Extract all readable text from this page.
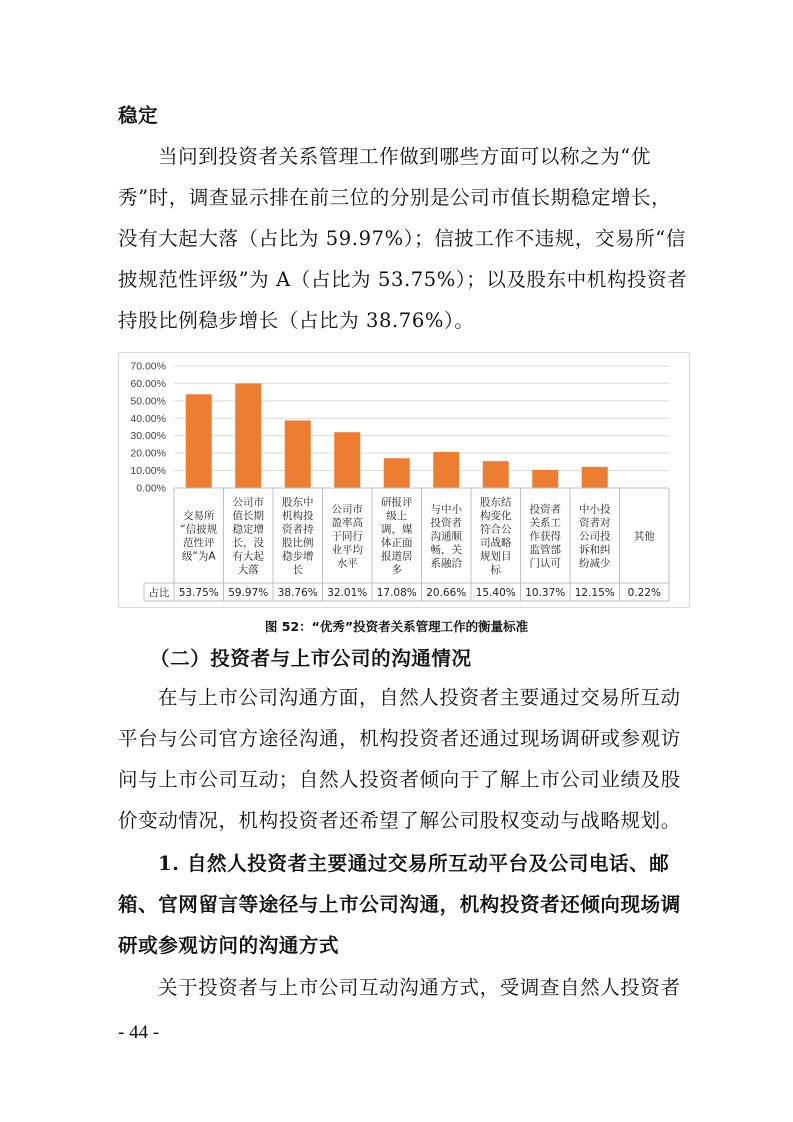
稳定
当问到投资者关系管理工作做到哪些方面可以称之为“优
秀”时，调查显示排在前三位的分别是公司市值长期稳定增长，
没有大起大落（占比为 59.97%）；信披工作不违规，交易所“信
披规范性评级”为 A（占比为 53.75%）；以及股东中机构投资者
持股比例稳步增长（占比为 38.76%）。
70.00%
60.00%
50.00%
40.00%
30.00%
20.00%
10.00%
0.00%
交易所
“信披规
范性评
级”为A
公司市
值长期
稳定增
长，没
有大起
大落
股东中
机构投
资者持
股比例
稳步增
长
公司市
盈率高
于同行
业平均
水平
研报评
级上
调，媒
体正面
报道居
多
与中小
投资者
沟通顺
畅，关
系融洽
股东结
构变化
符合公
司战略
规划目
标
投资者
关系工
作获得
监管部
门认可
中小投
资者对
公司投
诉和纠
纷减少
其他
占比 53.75% 59.97% 38.76% 32.01% 17.08% 20.66% 15.40% 10.37% 12.15% 0.22%
图 52：“优秀”投资者关系管理工作的衡量标准
（二）投资者与上市公司的沟通情况
在与上市公司沟通方面，自然人投资者主要通过交易所互动
平台与公司官方途径沟通，机构投资者还通过现场调研或参观访
问与上市公司互动；自然人投资者倾向于了解上市公司业绩及股
价变动情况，机构投资者还希望了解公司股权变动与战略规划。
1. 自然人投资者主要通过交易所互动平台及公司电话、邮
箱、官网留言等途径与上市公司沟通，机构投资者还倾向现场调
研或参观访问的沟通方式
关于投资者与上市公司互动沟通方式，受调查自然人投资者
- 44 -
